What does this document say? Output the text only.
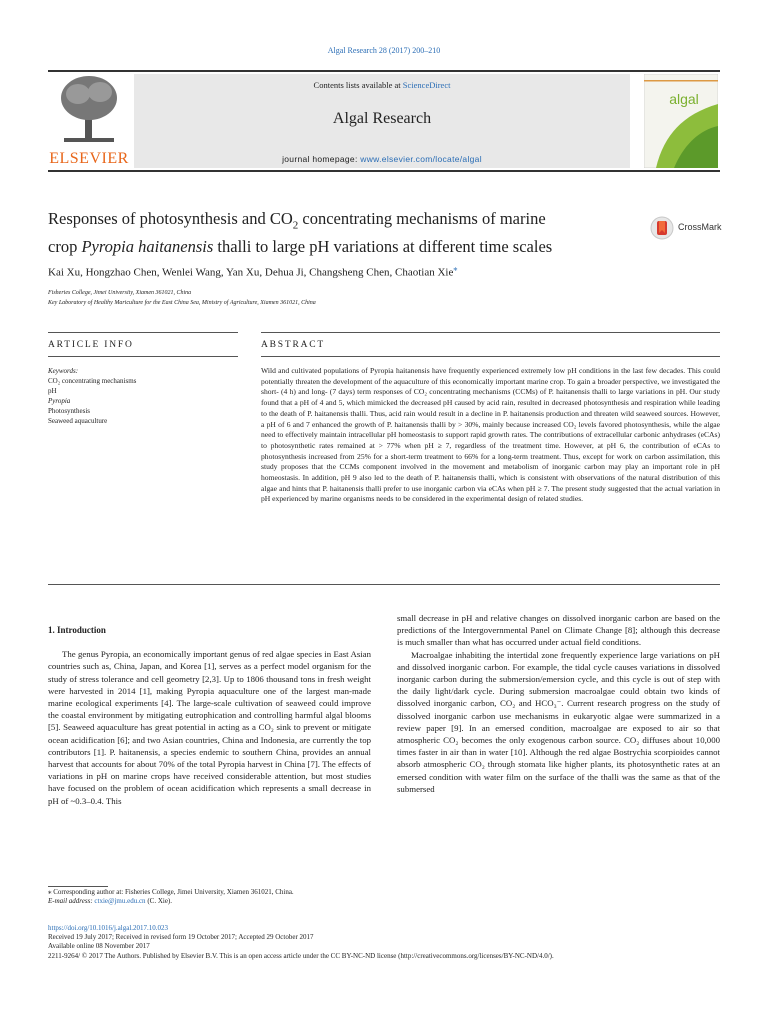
Algal Research 28 (2017) 200–210
ELSEVIER
Contents lists available at ScienceDirect
Algal Research
journal homepage: www.elsevier.com/locate/algal
algal
Responses of photosynthesis and $CO_2$ concentrating mechanisms of marine
crop Pyropia haitanensis thalli to large pH variations at different time scales
CrossMark
Kai Xu, Hongzhao Chen, Wenlei Wang, Yan Xu, Dehua Ji, Changsheng Chen, Chaotian Xie⁎
Fisheries College, Jimei University, Xiamen 361021, China
Key Laboratory of Healthy Mariculture for the East China Sea, Ministry of Agriculture, Xiamen 361021, China
ARTICLE INFO	ABSTRACT
Keywords:
CO₂ concentrating mechanisms
pH
Pyropia
Photosynthesis
Seaweed aquaculture
Wild and cultivated populations of Pyropia haitanensis have frequently experienced extremely low pH conditions in the last few decades. This could potentially threaten the development of the aquaculture of this economically important marine crop. To gain a broader perspective, we investigated the short- (4 h) and long- (7 days) term responses of CO₂ concentrating mechanisms (CCMs) of P. haitanensis thalli to large variations in pH. Our study found that a pH of 4 and 5, which mimicked the decreased pH caused by acid rain, resulted in decreased photosynthesis and respiration while leading to the death of P. haitanensis thalli. Thus, acid rain would result in a decline in P. haitanensis production and threaten wild seaweed sources. However, a pH of 6 and 7 enhanced the growth of P. haitanensis thalli by > 30%, mainly because increased CO₂ levels favored photosynthesis, while the algae need to effectively maintain intracellular pH homeostasis to support rapid growth rates. The contributions of extracellular carbonic anhydrases (eCAs) to photosynthetic rates remained at > 77% when pH ≥ 7, regardless of the treatment time. However, at pH 6, the contribution of eCAs to photosynthesis increased from 25% for a short-term treatment to 66% for a long-term treatment. Thus, except for work on carbon assimilation, this study proposes that the CCMs component involved in the movement and metabolism of inorganic carbon may play an important role in pH homeostasis. In addition, pH 9 also led to the death of P. haitanensis thalli, which is consistent with observations of the natural distribution of this algae and hints that P. haitanensis thalli prefer to use inorganic carbon via eCAs when pH ≥ 7. The present study suggested that the actual variation in pH experienced by marine organisms needs to be considered in the experimental design of related studies.
1. Introduction

The genus Pyropia, an economically important genus of red algae species in East Asian countries such as, China, Japan, and Korea [1], serves as a perfect model organism for the study of stress tolerance and cell geometry [2,3]. Up to 1806 thousand tons in fresh weight were harvested in 2014 [1], making Pyropia aquaculture one of the largest man-made marine ecological experiments [4]. The large-scale cultivation of seaweed could improve the coastal environment by mitigating eutrophication and controlling harmful algal blooms [5]. Seaweed aquaculture has great potential in acting as a CO₂ sink to prevent or mitigate ocean acidification [6]; and two Asian countries, China and Indonesia, are currently the top contributors [1]. P. haitanensis, a species endemic to southern China, provides an annual harvest that accounts for about 70% of the total Pyropia harvest in China [7]. The effects of variations in pH on marine crops have received considerable attention, but most studies have focused on the problem of ocean acidification which represents a small decrease in pH of ~0.3–0.4. This

small decrease in pH and relative changes on dissolved inorganic carbon are based on the predictions of the Intergovernmental Panel on Climate Change [8]; although this decrease is much smaller than what has occurred under actual field conditions.

Macroalgae inhabiting the intertidal zone frequently experience large variations on pH and dissolved inorganic carbon. For example, the tidal cycle causes variations in dissolved inorganic carbon during the submersion/emersion cycle, and this cycle is out of step with the daily light/dark cycle. During submersion macroalgae could obtain two kinds of dissolved inorganic carbon, CO₂ and HCO₃⁻. Current research progress on the study of dissolved inorganic carbon use mechanisms in eukaryotic algae were summarized in a review paper [9]. In an emersed condition, macroalgae are exposed to air so that atmospheric CO₂ becomes the only exogenous carbon source. CO₂ diffuses about 10,000 times faster in air than in water [10]. Although the red algae Bostrychia scorpioides cannot absorb atmospheric CO₂ through stomata like higher plants, its photosynthetic rates at an emersed condition with water film on the surface of the thalli was the same as that of the submersed

⁎ Corresponding author at: Fisheries College, Jimei University, Xiamen 361021, China.
E-mail address: ctxie@jmu.edu.cn (C. Xie).
https://doi.org/10.1016/j.algal.2017.10.023
Received 19 July 2017; Received in revised form 19 October 2017; Accepted 29 October 2017
Available online 08 November 2017
2211-9264/ © 2017 The Authors. Published by Elsevier B.V. This is an open access article under the CC BY-NC-ND license (http://creativecommons.org/licenses/BY-NC-ND/4.0/).
